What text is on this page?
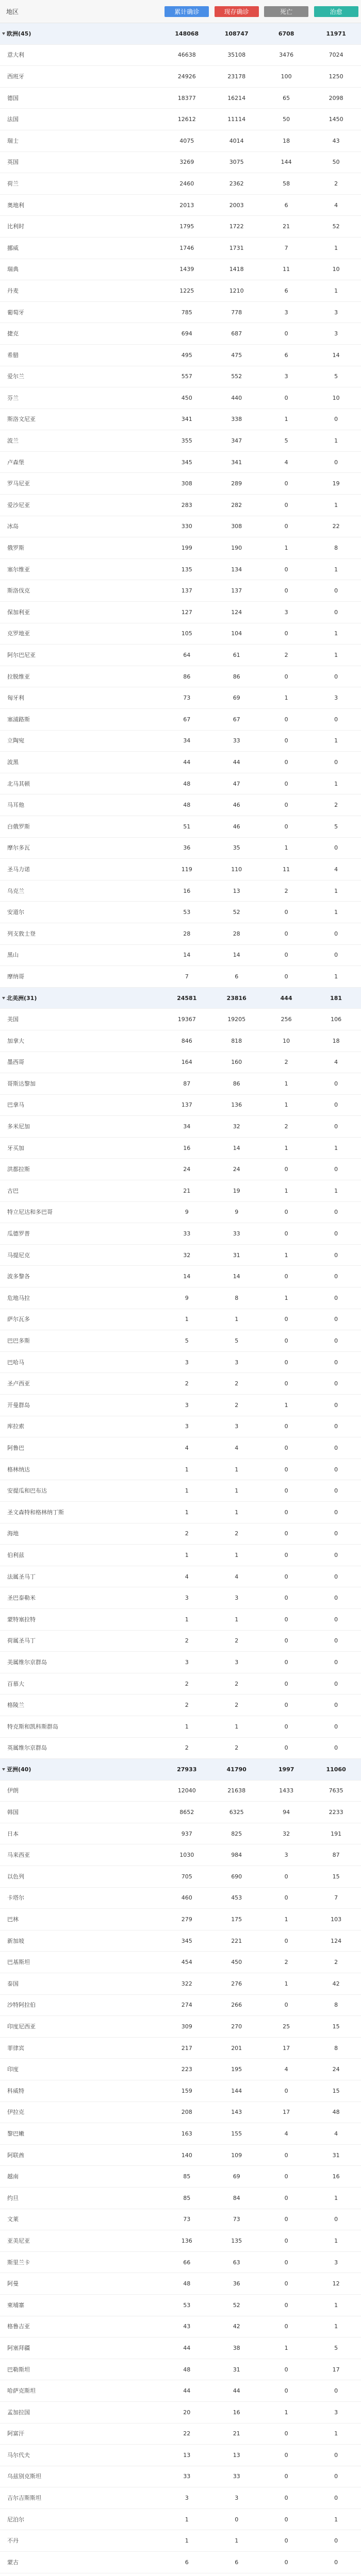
地区	累计确诊	现存确诊	死亡	治愈
欧洲(45)	148068	108747	6708	11971
意大利	46638	35108	3476	7024
西班牙	24926	23178	100	1250
德国	18377	16214	65	2098
法国	12612	11114	50	1450
瑞士	4075	4014	18	43
英国	3269	3075	144	50
荷兰	2460	2362	58	2
奥地利	2013	2003	6	4
比利时	1795	1722	21	52
挪威	1746	1731	7	1
瑞典	1439	1418	11	10
丹麦	1225	1210	6	1
葡萄牙	785	778	3	3
捷克	694	687	0	3
希腊	495	475	6	14
爱尔兰	557	552	3	5
芬兰	450	440	0	10
斯洛文尼亚	341	338	1	0
波兰	355	347	5	1
卢森堡	345	341	4	0
罗马尼亚	308	289	0	19
爱沙尼亚	283	282	0	1
冰岛	330	308	0	22
俄罗斯	199	190	1	8
塞尔维亚	135	134	0	1
斯洛伐克	137	137	0	0
保加利亚	127	124	3	0
克罗地亚	105	104	0	1
阿尔巴尼亚	64	61	2	1
拉脱维亚	86	86	0	0
匈牙利	73	69	1	3
塞浦路斯	67	67	0	0
立陶宛	34	33	0	1
波黑	44	44	0	0
北马其顿	48	47	0	1
马耳他	48	46	0	2
白俄罗斯	51	46	0	5
摩尔多瓦	36	35	1	0
圣马力诺	119	110	11	4
乌克兰	16	13	2	1
安道尔	53	52	0	1
列支敦士登	28	28	0	0
黑山	14	14	0	0
摩纳哥	7	6	0	1
北美洲(31)	24581	23816	444	181
美国	19367	19205	256	106
加拿大	846	818	10	18
墨西哥	164	160	2	4
哥斯达黎加	87	86	1	0
巴拿马	137	136	1	0
多米尼加	34	32	2	0
牙买加	16	14	1	1
洪都拉斯	24	24	0	0
古巴	21	19	1	1
特立尼达和多巴哥	9	9	0	0
瓜德罗普	33	33	0	0
马提尼克	32	31	1	0
波多黎各	14	14	0	0
危地马拉	9	8	1	0
萨尔瓦多	1	1	0	0
巴巴多斯	5	5	0	0
巴哈马	3	3	0	0
圣卢西亚	2	2	0	0
开曼群岛	3	2	1	0
库拉索	3	3	0	0
阿鲁巴	4	4	0	0
格林纳达	1	1	0	0
安提瓜和巴布达	1	1	0	0
圣文森特和格林纳丁斯	1	1	0	0
海地	2	2	0	0
伯利兹	1	1	0	0
法属圣马丁	4	4	0	0
圣巴泰勒米	3	3	0	0
蒙特塞拉特	1	1	0	0
荷属圣马丁	2	2	0	0
美属维尔京群岛	3	3	0	0
百慕大	2	2	0	0
格陵兰	2	2	0	0
特克斯和凯科斯群岛	1	1	0	0
英属维尔京群岛	2	2	0	0
亚洲(40)	27933	41790	1997	11060
伊朗	12040	21638	1433	7635
韩国	8652	6325	94	2233
日本	937	825	32	191
马来西亚	1030	984	3	87
以色列	705	690	0	15
卡塔尔	460	453	0	7
巴林	279	175	1	103
新加坡	345	221	0	124
巴基斯坦	454	450	2	2
泰国	322	276	1	42
沙特阿拉伯	274	266	0	8
印度尼西亚	309	270	25	15
菲律宾	217	201	17	8
印度	223	195	4	24
科威特	159	144	0	15
伊拉克	208	143	17	48
黎巴嫩	163	155	4	4
阿联酋	140	109	0	31
越南	85	69	0	16
约旦	85	84	0	1
文莱	73	73	0	0
亚美尼亚	136	135	0	1
斯里兰卡	66	63	0	3
阿曼	48	36	0	12
柬埔寨	53	52	0	1
格鲁吉亚	43	42	0	1
阿塞拜疆	44	38	1	5
巴勒斯坦	48	31	0	17
哈萨克斯坦	44	44	0	0
孟加拉国	20	16	1	3
阿富汗	22	21	0	1
马尔代夫	13	13	0	0
乌兹别克斯坦	33	33	0	0
吉尔吉斯斯坦	3	3	0	0
尼泊尔	1	0	0	1
不丹	1	1	0	0
蒙古	6	6	0	0
